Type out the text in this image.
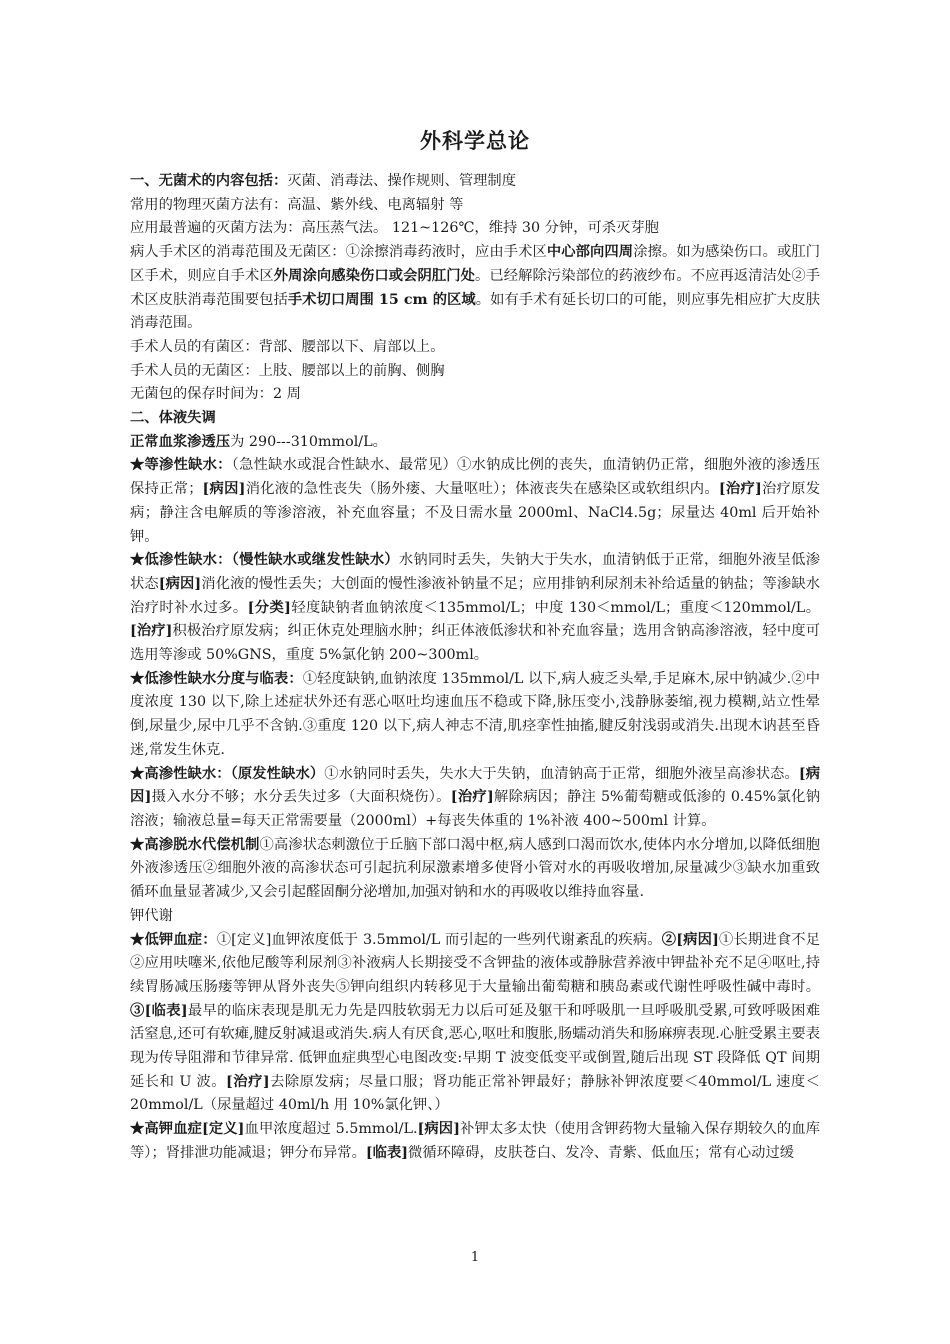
外科学总论

一、无菌术的内容包括：灭菌、消毒法、操作规则、管理制度

常用的物理灭菌方法有：高温、紫外线、电离辐射 等

应用最普遍的灭菌方法为：高压蒸气法。 121~126℃，维持 30 分钟，可杀灭芽胞

病人手术区的消毒范围及无菌区：①涂擦消毒药液时，应由手术区中心部向四周涂擦。如为感染伤口。或肛门区手术，则应自手术区外周涂向感染伤口或会阴肛门处。已经解除污染部位的药液纱布。不应再返清洁处②手术区皮肤消毒范围要包括手术切口周围 15 cm 的区域。如有手术有延长切口的可能，则应事先相应扩大皮肤消毒范围。

手术人员的有菌区：背部、腰部以下、肩部以上。

手术人员的无菌区：上肢、腰部以上的前胸、侧胸

无菌包的保存时间为：2 周

二、体液失调

正常血浆渗透压为 290---310mmol/L。

★等渗性缺水：（急性缺水或混合性缺水、最常见）①水钠成比例的丧失，血清钠仍正常，细胞外液的渗透压保持正常；[病因]消化液的急性丧失（肠外瘘、大量呕吐）；体液丧失在感染区或软组织内。[治疗]治疗原发病；静注含电解质的等渗溶液，补充血容量；不及日需水量 2000ml、NaCl4.5g；尿量达 40ml 后开始补钾。

★低渗性缺水：（慢性缺水或继发性缺水）水钠同时丢失，失钠大于失水，血清钠低于正常，细胞外液呈低渗状态[病因]消化液的慢性丢失；大创面的慢性渗液补钠量不足；应用排钠利尿剂未补给适量的钠盐；等渗缺水治疗时补水过多。[分类]轻度缺钠者血钠浓度＜135mmol/L；中度 130＜mmol/L；重度＜120mmol/L。[治疗]积极治疗原发病；纠正休克处理脑水肿；纠正体液低渗状和补充血容量；选用含钠高渗溶液，轻中度可选用等渗或 50%GNS，重度 5%氯化钠 200~300ml。

★低渗性缺水分度与临表：①轻度缺钠,血钠浓度 135mmol/L 以下,病人疲乏头晕,手足麻木,尿中钠减少.②中度浓度 130 以下,除上述症状外还有恶心呕吐均速血压不稳或下降,脉压变小,浅静脉萎缩,视力模糊,站立性晕倒,尿量少,尿中几乎不含钠.③重度 120 以下,病人神志不清,肌痉挛性抽搐,腱反射浅弱或消失.出现木讷甚至昏迷,常发生休克.

★高渗性缺水：（原发性缺水）①水钠同时丢失，失水大于失钠，血清钠高于正常，细胞外液呈高渗状态。[病因]摄入水分不够；水分丢失过多（大面积烧伤）。[治疗]解除病因；静注 5%葡萄糖或低渗的 0.45%氯化钠溶液；输液总量=每天正常需要量（2000ml）+每丧失体重的 1%补液 400~500ml 计算。

★高渗脱水代偿机制①高渗状态刺激位于丘脑下部口渴中枢,病人感到口渴而饮水,使体内水分增加,以降低细胞外液渗透压②细胞外液的高渗状态可引起抗利尿激素增多使肾小管对水的再吸收增加,尿量减少③缺水加重致循环血量显著减少,又会引起醛固酮分泌增加,加强对钠和水的再吸收以维持血容量.

钾代谢

★低钾血症：①[定义]血钾浓度低于 3.5mmol/L 而引起的一些列代谢紊乱的疾病。②[病因]①长期进食不足②应用呋噻米,依他尼酸等利尿剂③补液病人长期接受不含钾盐的液体或静脉营养液中钾盐补充不足④呕吐,持续胃肠减压肠瘘等钾从肾外丧失⑤钾向组织内转移见于大量输出葡萄糖和胰岛素或代谢性呼吸性碱中毒时。③[临表]最早的临床表现是肌无力先是四肢软弱无力以后可延及躯干和呼吸肌一旦呼吸肌受累,可致呼吸困难活窒息,还可有软瘫,腱反射减退或消失.病人有厌食,恶心,呕吐和腹胀,肠蠕动消失和肠麻痹表现.心脏受累主要表现为传导阻滞和节律异常. 低钾血症典型心电图改变:早期 T 波变低变平或倒置,随后出现 ST 段降低 QT 间期延长和 U 波。[治疗]去除原发病；尽量口服；肾功能正常补钾最好；静脉补钾浓度要＜40mmol/L 速度＜20mmol/L（尿量超过 40ml/h 用 10%氯化钾、）

★高钾血症[定义]血甲浓度超过 5.5mmol/L.[病因]补钾太多太快（使用含钾药物大量输入保存期较久的血库等）；肾排泄功能减退；钾分布异常。[临表]微循环障碍，皮肤苍白、发冷、青紫、低血压；常有心动过缓

1
